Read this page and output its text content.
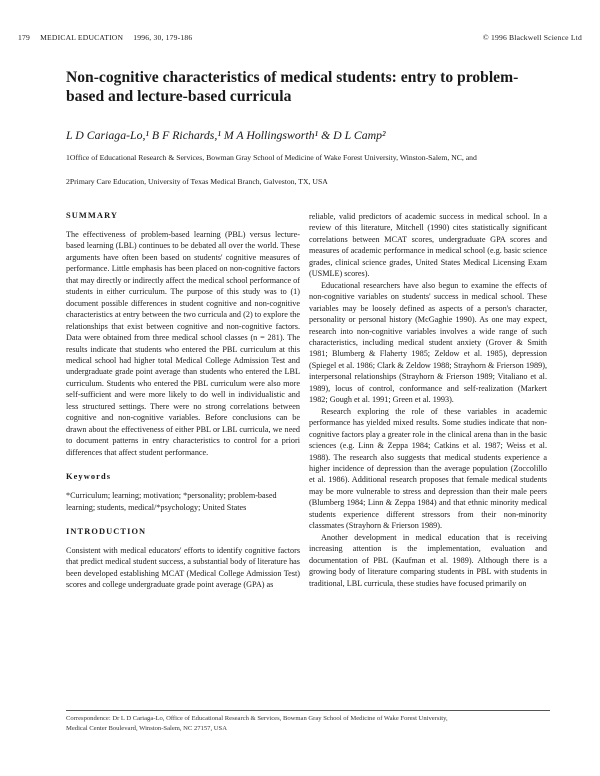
179 MEDICAL EDUCATION 1996, 30, 179-186	© 1996 Blackwell Science Ltd
Non-cognitive characteristics of medical students: entry to problem-based and lecture-based curricula
L D Cariaga-Lo,¹ B F Richards,¹ M A Hollingsworth¹ & D L Camp²
1Office of Educational Research & Services, Bowman Gray School of Medicine of Wake Forest University, Winston-Salem, NC, and
2Primary Care Education, University of Texas Medical Branch, Galveston, TX, USA
SUMMARY

The effectiveness of problem-based learning (PBL) versus lecture-based learning (LBL) continues to be debated all over the world. These arguments have often been based on students' cognitive measures of performance. Little emphasis has been placed on non-cognitive factors that may directly or indirectly affect the medical school performance of students in either curriculum. The purpose of this study was to (1) document possible differences in student cognitive and non-cognitive characteristics at entry between the two curricula and (2) to explore the relationships that exist between cognitive and non-cognitive factors. Data were obtained from three medical school classes (n = 281). The results indicate that students who entered the PBL curriculum at this medical school had higher total Medical College Admission Test and undergraduate grade point average than students who entered the LBL curriculum. Students who entered the PBL curriculum were also more self-sufficient and were more likely to do well in individualistic and less structured settings. There were no strong correlations between cognitive and non-cognitive variables. Before conclusions can be drawn about the effectiveness of either PBL or LBL curricula, we need to document patterns in entry characteristics to control for a priori differences that affect student performance.

Keywords

*Curriculum; learning; motivation; *personality; problem-based learning; students, medical/*psychology; United States

INTRODUCTION

Consistent with medical educators' efforts to identify cognitive factors that predict medical student success, a substantial body of literature has been developed establishing MCAT (Medical College Admission Test) scores and college undergraduate grade point average (GPA) as

reliable, valid predictors of academic success in medical school. In a review of this literature, Mitchell (1990) cites statistically significant correlations between MCAT scores, undergraduate GPA scores and measures of academic performance in medical school (e.g. basic science grades, clinical science grades, United States Medical Licensing Exam (USMLE) scores).

Educational researchers have also begun to examine the effects of non-cognitive variables on students' success in medical school. These variables may be loosely defined as aspects of a person's character, personality or personal history (McGaghie 1990). As one may expect, research into non-cognitive variables involves a wide range of such characteristics, including medical student anxiety (Grover & Smith 1981; Blumberg & Flaherty 1985; Zeldow et al. 1985), depression (Spiegel et al. 1986; Clark & Zeldow 1988; Strayhorn & Frierson 1989), interpersonal relationships (Strayhorn & Frierson 1989; Vitaliano et al. 1989), locus of control, conformance and self-realization (Markert 1982; Gough et al. 1991; Green et al. 1993).

Research exploring the role of these variables in academic performance has yielded mixed results. Some studies indicate that non-cognitive factors play a greater role in the clinical arena than in the basic sciences (e.g. Linn & Zeppa 1984; Catkins et al. 1987; Weiss et al. 1988). The research also suggests that medical students experience a higher incidence of depression than the average population (Zoccolillo et al. 1986). Additional research proposes that female medical students may be more vulnerable to stress and depression than their male peers (Blumberg 1984; Linn & Zeppa 1984) and that ethnic minority medical students experience different stressors from their non-minority classmates (Strayhorn & Frierson 1989).

Another development in medical education that is receiving increasing attention is the implementation, evaluation and documentation of PBL (Kaufman et al. 1989). Although there is a growing body of literature comparing students in PBL with students in traditional, LBL curricula, these studies have focused primarily on

Correspondence: Dr L D Cariaga-Lo, Office of Educational Research & Services, Bowman Gray School of Medicine of Wake Forest University,
Medical Center Boulevard, Winston-Salem, NC 27157, USA
